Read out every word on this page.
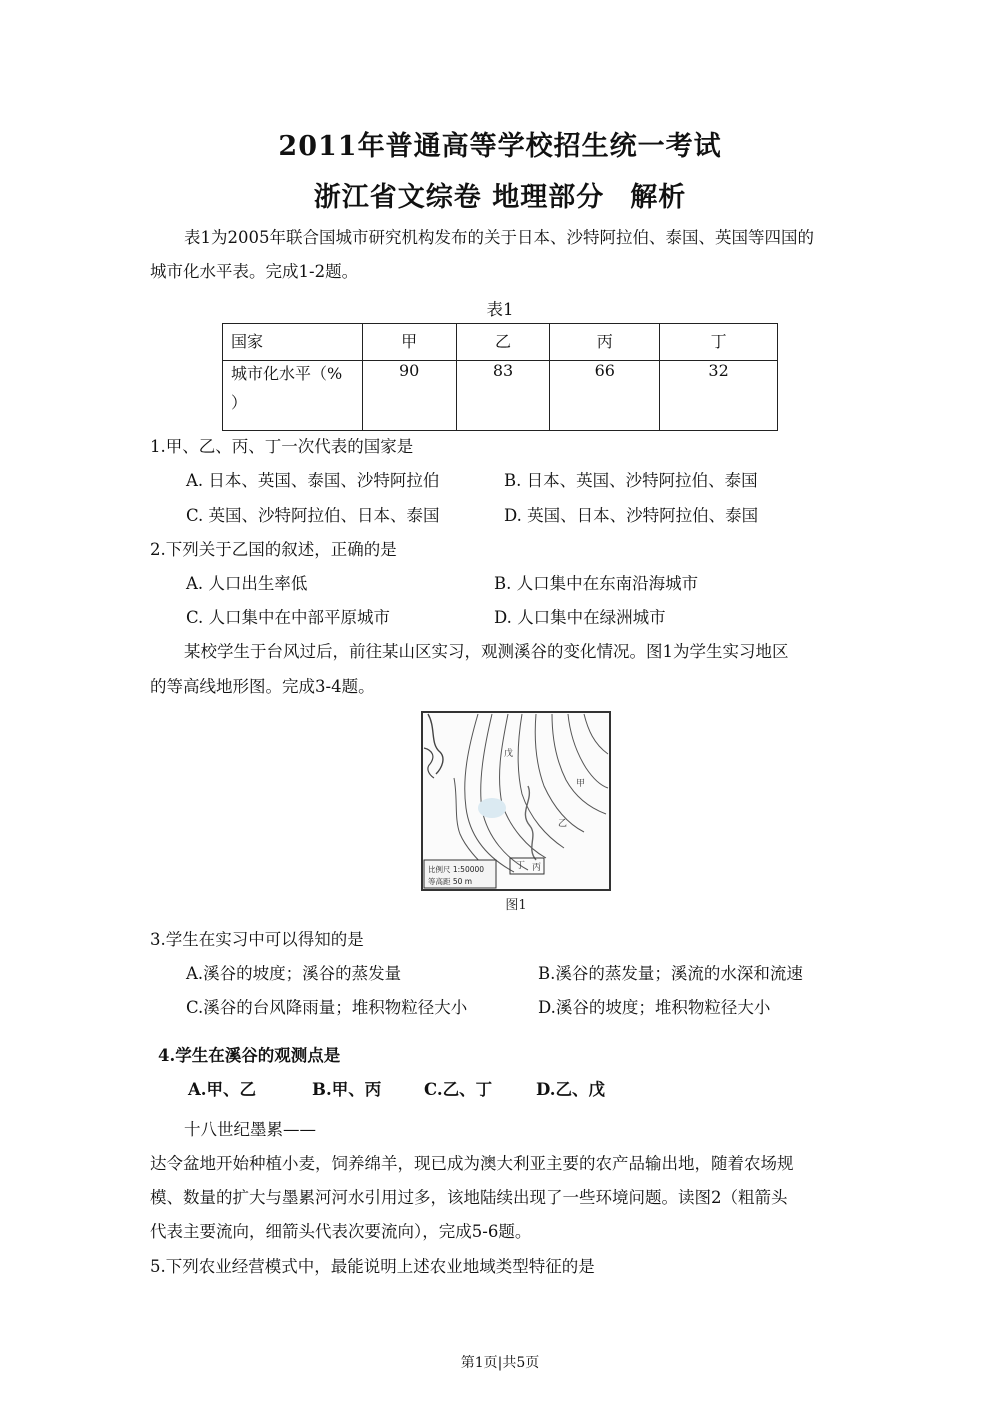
2011年普通高等学校招生统一考试
浙江省文综卷 地理部分 解析
表1为2005年联合国城市研究机构发布的关于日本、沙特阿拉伯、泰国、英国等四国的
城市化水平表。完成1-2题。
表1
国家	甲	乙	丙	丁

城市化水平（%
）	90	83	66	32
1.甲、乙、丙、丁一次代表的国家是
A. 日本、英国、泰国、沙特阿拉伯	B. 日本、英国、沙特阿拉伯、泰国
C. 英国、沙特阿拉伯、日本、泰国	D. 英国、日本、沙特阿拉伯、泰国
2.下列关于乙国的叙述，正确的是
A. 人口出生率低	B. 人口集中在东南沿海城市
C. 人口集中在中部平原城市	D. 人口集中在绿洲城市
某校学生于台风过后，前往某山区实习，观测溪谷的变化情况。图1为学生实习地区
的等高线地形图。完成3-4题。
戊
乙
丙
丁
甲
比例尺 1:50000
等高距 50 m
图1
3.学生在实习中可以得知的是
A.溪谷的坡度；溪谷的蒸发量	B.溪谷的蒸发量；溪流的水深和流速
C.溪谷的台风降雨量；堆积物粒径大小	D.溪谷的坡度；堆积物粒径大小
4.学生在溪谷的观测点是
A.甲、乙	B.甲、丙	C.乙、丁	D.乙、戊
十八世纪墨累——
达令盆地开始种植小麦，饲养绵羊，现已成为澳大利亚主要的农产品输出地，随着农场规
模、数量的扩大与墨累河河水引用过多，该地陆续出现了一些环境问题。读图2（粗箭头
代表主要流向，细箭头代表次要流向），完成5-6题。
5.下列农业经营模式中，最能说明上述农业地域类型特征的是
第1页|共5页
